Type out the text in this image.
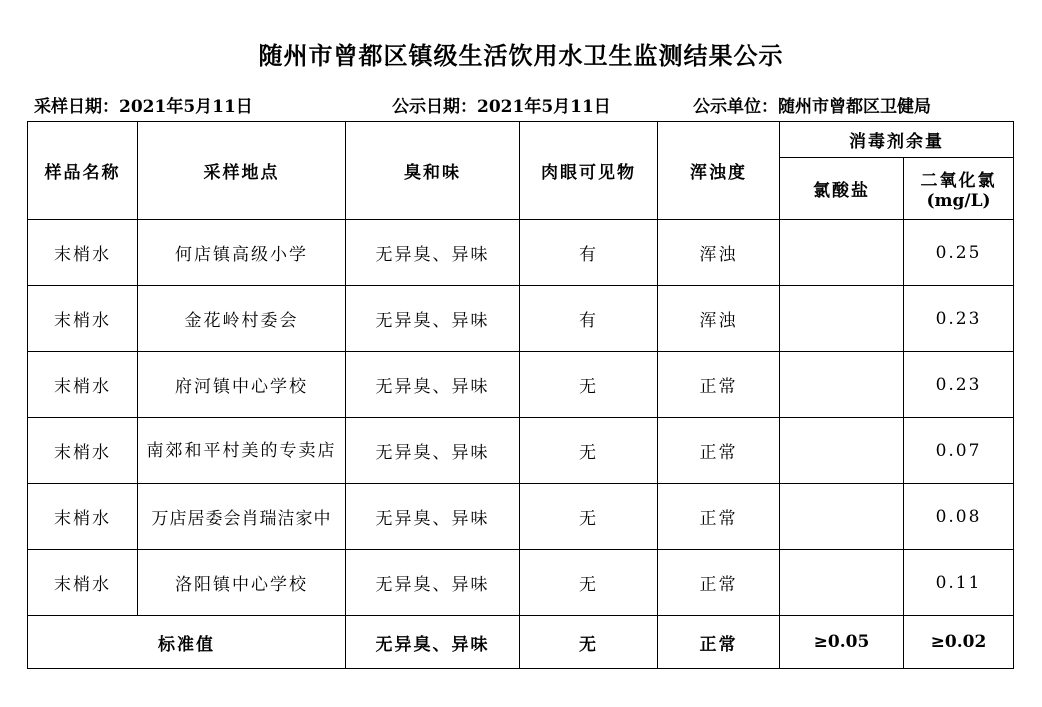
随州市曾都区镇级生活饮用水卫生监测结果公示
采样日期：2021年5月11日	公示日期：2021年5月11日	公示单位：随州市曾都区卫健局
样品名称	采样地点	臭和味	肉眼可见物	浑浊度	消毒剂余量	
					氯酸盐	二氧化氯
(mg/L)

末梢水	何店镇高级小学	无异臭、异味	有	浑浊		0.25
末梢水	金花岭村委会	无异臭、异味	有	浑浊		0.23
末梢水	府河镇中心学校	无异臭、异味	无	正常		0.23
末梢水	南郊和平村美的专卖店	无异臭、异味	无	正常		0.07
末梢水	万店居委会肖瑞洁家中	无异臭、异味	无	正常		0.08
末梢水	洛阳镇中心学校	无异臭、异味	无	正常		0.11
标准值		无异臭、异味	无	正常	≥0.05	≥0.02
